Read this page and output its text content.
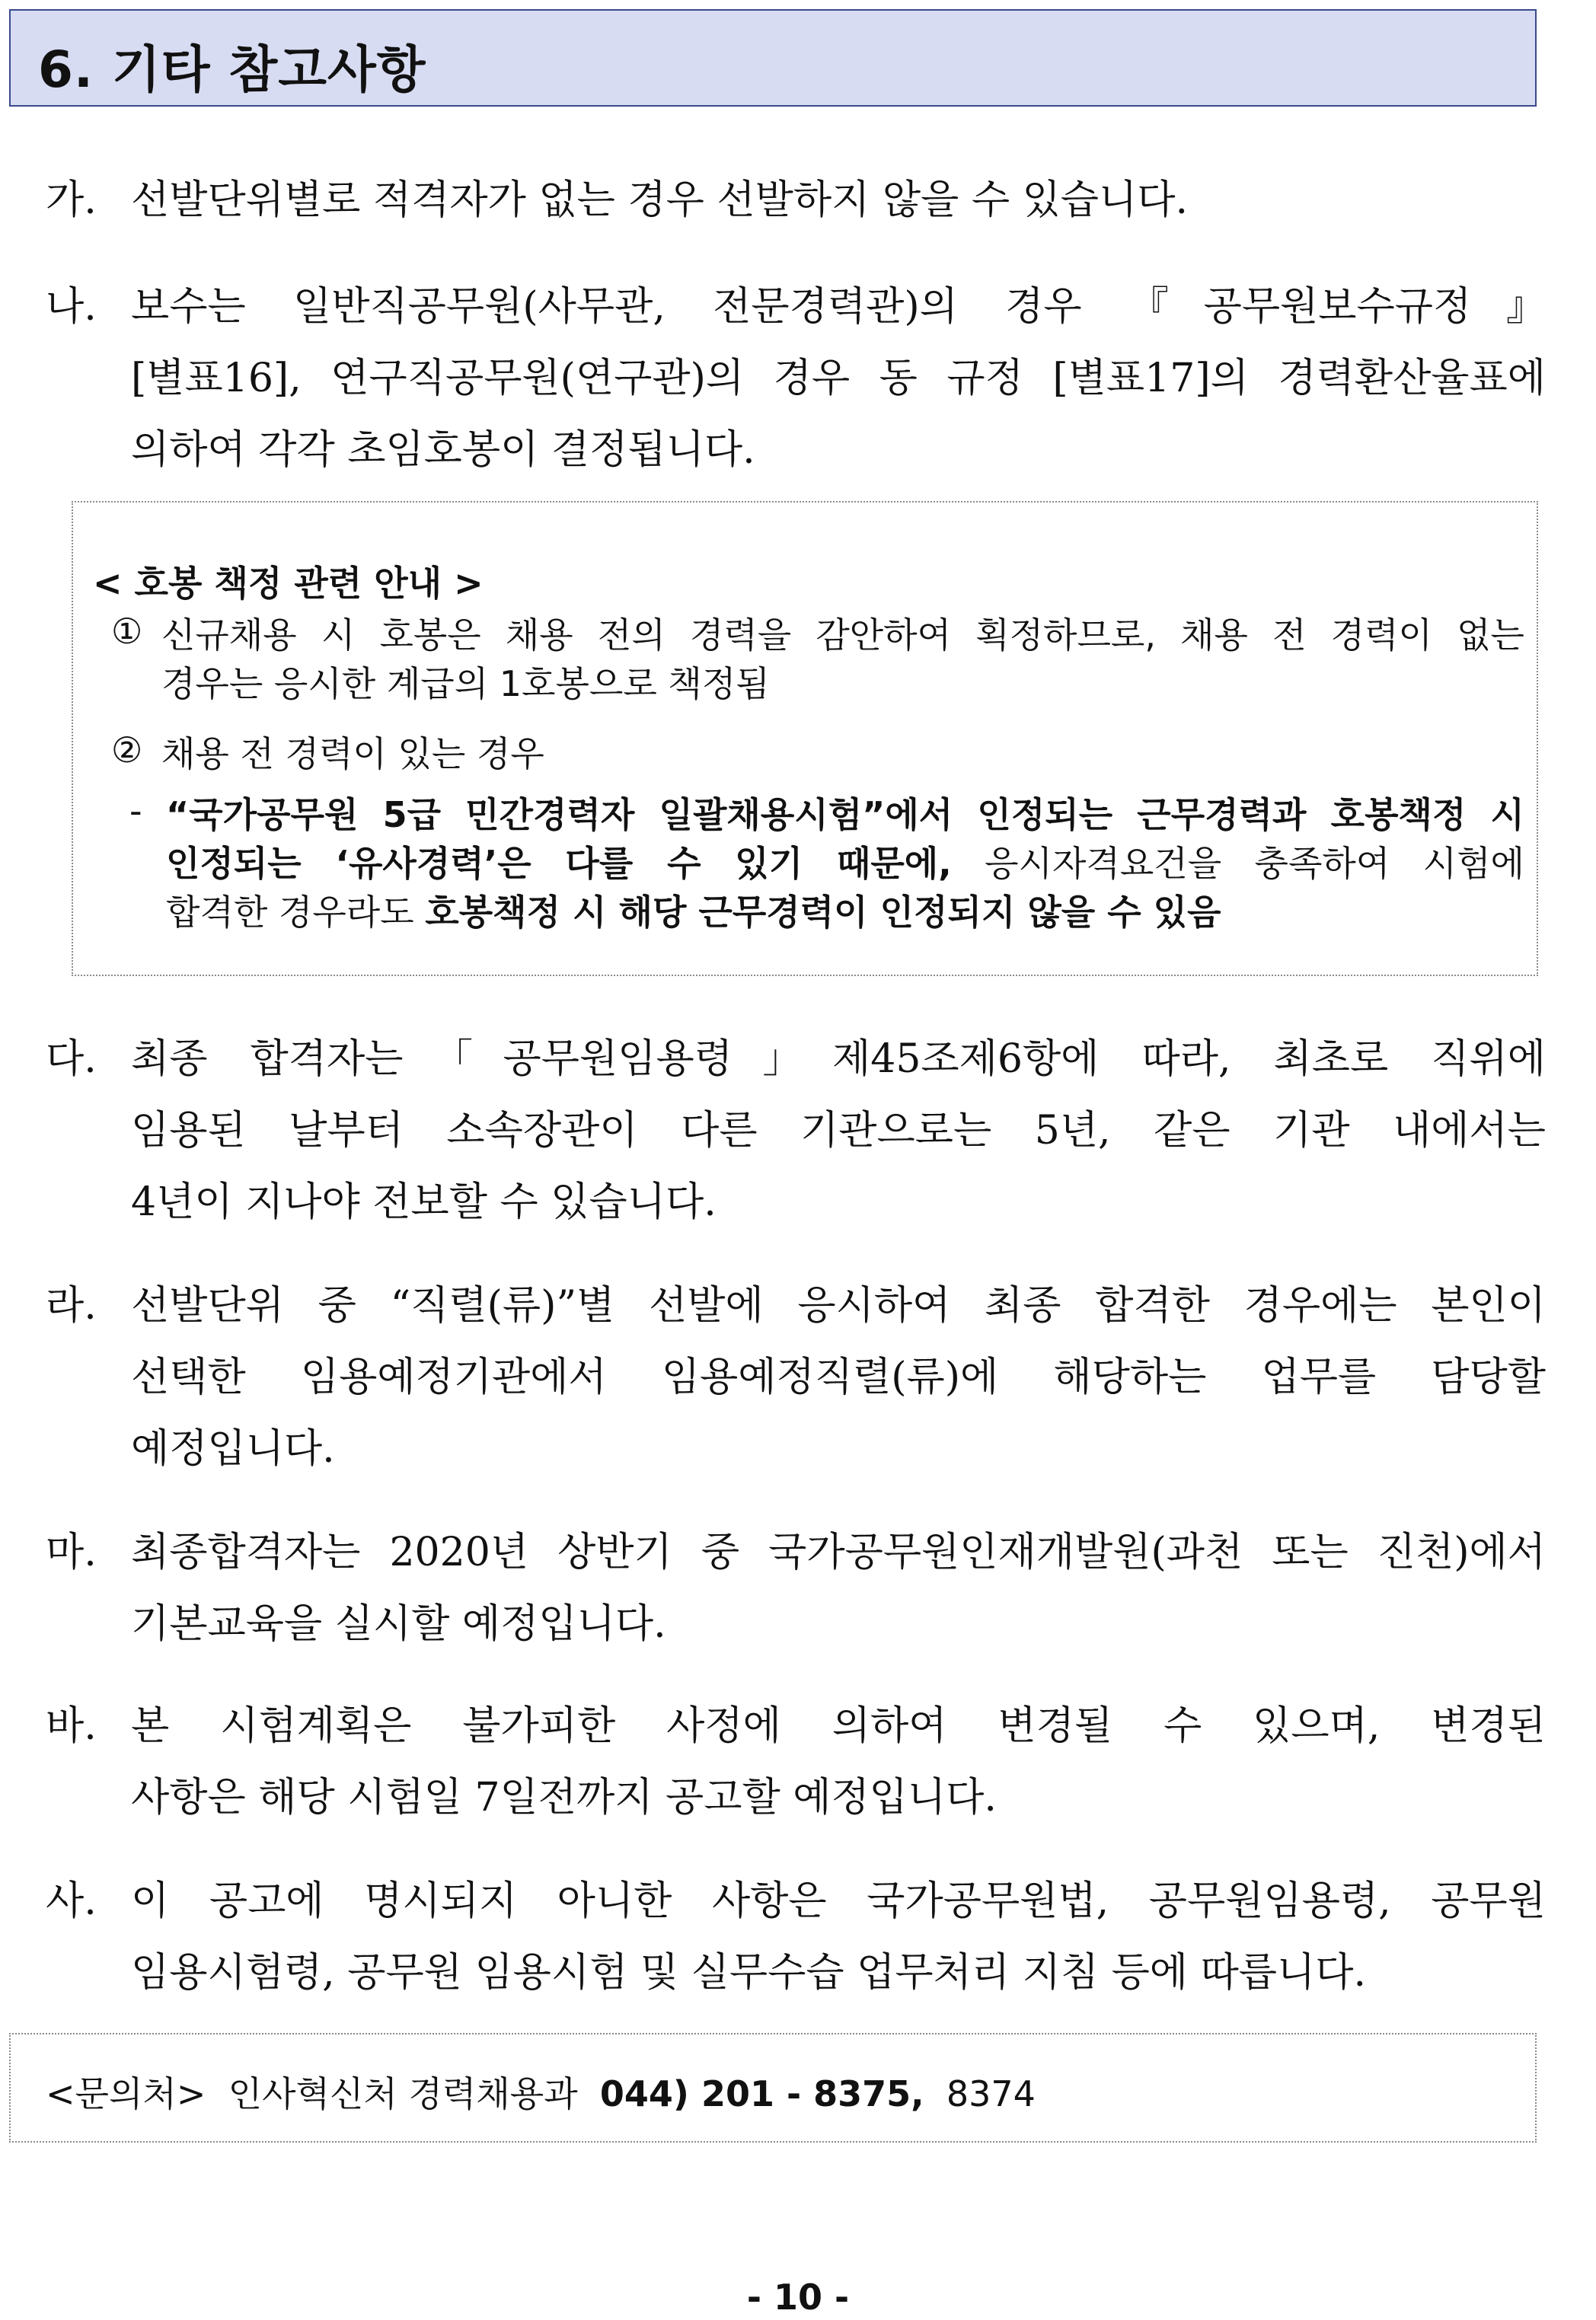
6. 기타 참고사항
가. 선발단위별로 적격자가 없는 경우 선발하지 않을 수 있습니다.
나. 보수는 일반직공무원(사무관, 전문경력관)의 경우 『공무원보수규정』
[별표16], 연구직공무원(연구관)의 경우 동 규정 [별표17]의 경력환산율표에
의하여 각각 초임호봉이 결정됩니다.
< 호봉 책정 관련 안내 >
① 신규채용 시 호봉은 채용 전의 경력을 감안하여 획정하므로, 채용 전 경력이 없는
경우는 응시한 계급의 1호봉으로 책정됨
② 채용 전 경력이 있는 경우
- “국가공무원 5급 민간경력자 일괄채용시험”에서 인정되는 근무경력과 호봉책정 시
인정되는 ‘유사경력’은 다를 수 있기 때문에, 응시자격요건을 충족하여 시험에
합격한 경우라도 호봉책정 시 해당 근무경력이 인정되지 않을 수 있음
다. 최종 합격자는「공무원임용령」제45조제6항에 따라, 최초로 직위에
임용된 날부터 소속장관이 다른 기관으로는 5년, 같은 기관 내에서는
4년이 지나야 전보할 수 있습니다.
라. 선발단위 중 “직렬(류)”별 선발에 응시하여 최종 합격한 경우에는 본인이
선택한 임용예정기관에서 임용예정직렬(류)에 해당하는 업무를 담당할
예정입니다.
마. 최종합격자는 2020년 상반기 중 국가공무원인재개발원(과천 또는 진천)에서
기본교육을 실시할 예정입니다.
바. 본 시험계획은 불가피한 사정에 의하여 변경될 수 있으며, 변경된
사항은 해당 시험일 7일전까지 공고할 예정입니다.
사. 이 공고에 명시되지 아니한 사항은 국가공무원법, 공무원임용령, 공무원
임용시험령, 공무원 임용시험 및 실무수습 업무처리 지침 등에 따릅니다.
<문의처> 인사혁신처 경력채용과 044) 201 - 8375, 8374
- 10 -
